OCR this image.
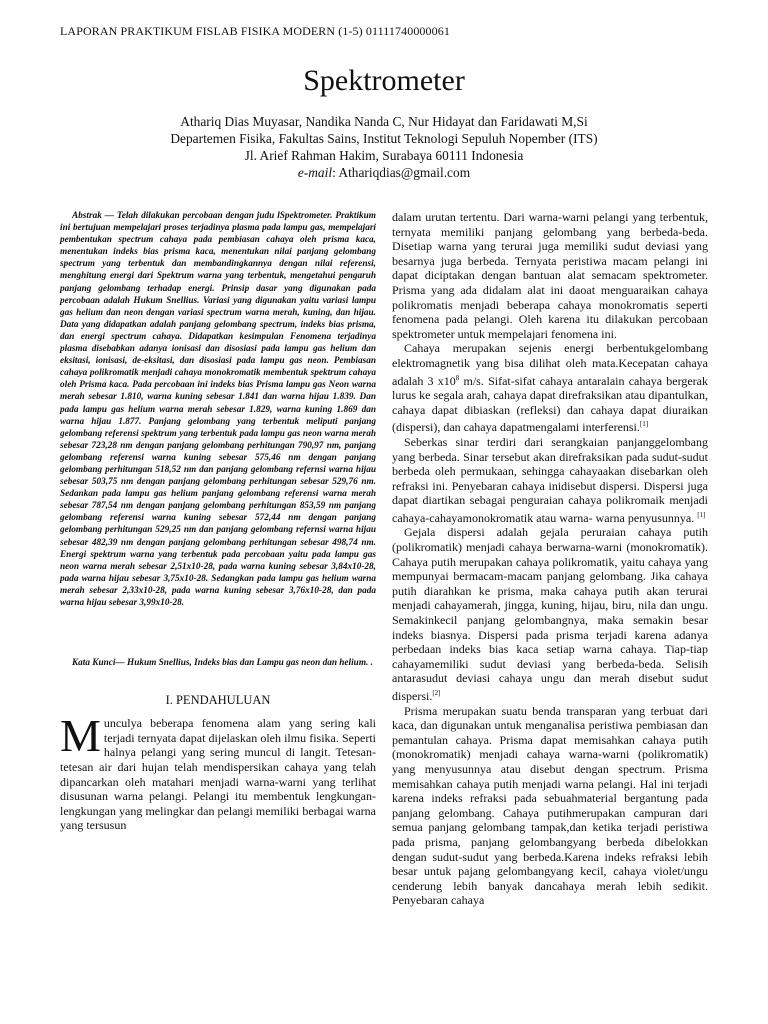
LAPORAN PRAKTIKUM FISLAB FISIKA MODERN (1-5) 01111740000061
Spektrometer
Athariq Dias Muyasar, Nandika Nanda C, Nur Hidayat dan Faridawati M,Si
Departemen Fisika, Fakultas Sains, Institut Teknologi Sepuluh Nopember (ITS)
Jl. Arief Rahman Hakim, Surabaya 60111 Indonesia
e-mail: Athariqdias@gmail.com

Abstrak — Telah dilakukan percobaan dengan judu lSpektrometer. Praktikum ini bertujuan mempelajari proses terjadinya plasma pada lampu gas, mempelajari pembentukan spectrum cahaya pada pembiasan cahaya oleh prisma kaca, menentukan indeks bias prisma kaca, menentukan nilai panjang gelombang spectrum yang terbentuk dan membandingkannya dengan nilai referensi, menghitung energi dari Spektrum warna yang terbentuk, mengetahui pengaruh panjang gelombang terhadap energi. Prinsip dasar yang digunakan pada percobaan adalah Hukum Snellius. Variasi yang digunakan yaitu variasi lampu gas helium dan neon dengan variasi spectrum warna merah, kuning, dan hijau. Data yang didapatkan adalah panjang gelombang spectrum, indeks bias prisma, dan energi spectrum cahaya. Didapatkan kesimpulan Fenomena terjadinya plasma disebabkan adanya ionisasi dan disosiasi pada lampu gas helium dan eksitasi, ionisasi, de-eksitasi, dan disosiasi pada lampu gas neon. Pembiasan cahaya polikromatik menjadi cahaya monokromatik membentuk spektrum cahaya oleh Prisma kaca. Pada percobaan ini indeks bias Prisma lampu gas Neon warna merah sebesar 1.810, warna kuning sebesar 1.841 dan warna hijau 1.839. Dan pada lampu gas helium warna merah sebesar 1.829, warna kuning 1.869 dan warna hijau 1.877. Panjang gelombang yang terbentuk meliputi panjang gelombang referensi spektrum yang terbentuk pada lampu gas neon warna merah sebesar 723,28 nm dengan panjang gelombang perhitungan 790,97 nm, panjang gelombang referensi warna kuning sebesar 575,46 nm dengan panjang gelombang perhitungan 518,52 nm dan panjang gelombang refernsi warna hijau sebesar 503,75 nm dengan panjang gelombang perhitungan sebesar 529,76 nm. Sedankan pada lampu gas helium panjang gelombang referensi warna merah sebesar 787,54 nm dengan panjang gelombang perhitungan 853,59 nm panjang gelombang referensi warna kuning sebesar 572,44 nm dengan panjang gelombang perhitungan 529,25 nm dan panjang gelombang refernsi warna hijau sebesar 482,39 nm dengan panjang gelombang perhitungan sebesar 498,74 nm. Energi spektrum warna yang terbentuk pada percobaan yaitu pada lampu gas neon warna merah sebesar 2,51x10-28, pada warna kuning sebesar 3,84x10-28, pada warna hijau sebesar 3,75x10-28. Sedangkan pada lampu gas helium warna merah sebesar 2,33x10-28, pada warna kuning sebesar 3,76x10-28, dan pada warna hijau sebesar 3,99x10-28.

Kata Kunci— Hukum Snellius, Indeks bias dan Lampu gas neon dan helium. .

I. PENDAHULUAN

Munculya beberapa fenomena alam yang sering kali terjadi ternyata dapat dijelaskan oleh ilmu fisika. Seperti halnya pelangi yang sering muncul di langit. Tetesan-tetesan air dari hujan telah mendispersikan cahaya yang telah dipancarkan oleh matahari menjadi warna-warni yang terlihat disusunan warna pelangi. Pelangi itu membentuk lengkungan-lengkungan yang melingkar dan pelangi memiliki berbagai warna yang tersusun

dalam urutan tertentu. Dari warna-warni pelangi yang terbentuk, ternyata memiliki panjang gelombang yang berbeda-beda. Disetiap warna yang terurai juga memiliki sudut deviasi yang besarnya juga berbeda. Ternyata peristiwa macam pelangi ini dapat diciptakan dengan bantuan alat semacam spektrometer. Prisma yang ada didalam alat ini daoat menguaraikan cahaya polikromatis menjadi beberapa cahaya monokromatis seperti fenomena pada pelangi. Oleh karena itu dilakukan percobaan spektrometer untuk mempelajari fenomena ini.

Cahaya merupakan sejenis energi berbentukgelombang elektromagnetik yang bisa dilihat oleh mata.Kecepatan cahaya adalah 3 $x10^8$ m/s. Sifat-sifat cahaya antaralain cahaya bergerak lurus ke segala arah, cahaya dapat direfraksikan atau dipantulkan, cahaya dapat dibiaskan (refleksi) dan cahaya dapat diuraikan (dispersi), dan cahaya dapatmengalami interferensi.[1]

Seberkas sinar terdiri dari serangkaian panjanggelombang yang berbeda. Sinar tersebut akan direfraksikan pada sudut-sudut berbeda oleh permukaan, sehingga cahayaakan disebarkan oleh refraksi ini. Penyebaran cahaya inidisebut dispersi. Dispersi juga dapat diartikan sebagai penguraian cahaya polikromaik menjadi cahaya-cahayamonokromatik atau warna- warna penyusunnya. [1]

Gejala dispersi adalah gejala peruraian cahaya putih (polikromatik) menjadi cahaya berwarna-warni (monokromatik). Cahaya putih merupakan cahaya polikromatik, yaitu cahaya yang mempunyai bermacam-macam panjang gelombang. Jika cahaya putih diarahkan ke prisma, maka cahaya putih akan terurai menjadi cahayamerah, jingga, kuning, hijau, biru, nila dan ungu. Semakinkecil panjang gelombangnya, maka semakin besar indeks biasnya. Dispersi pada prisma terjadi karena adanya perbedaan indeks bias kaca setiap warna cahaya. Tiap-tiap cahayamemiliki sudut deviasi yang berbeda-beda. Selisih antarasudut deviasi cahaya ungu dan merah disebut sudut dispersi.[2]

Prisma merupakan suatu benda transparan yang terbuat dari kaca, dan digunakan untuk menganalisa peristiwa pembiasan dan pemantulan cahaya. Prisma dapat memisahkan cahaya putih (monokromatik) menjadi cahaya warna-warni (polikromatik) yang menyusunnya atau disebut dengan spectrum. Prisma memisahkan cahaya putih menjadi warna pelangi. Hal ini terjadi karena indeks refraksi pada sebuahmaterial bergantung pada panjang gelombang. Cahaya putihmerupakan campuran dari semua panjang gelombang tampak,dan ketika terjadi peristiwa pada prisma, panjang gelombangyang berbeda dibelokkan dengan sudut-sudut yang berbeda.Karena indeks refraksi lebih besar untuk pajang gelombangyang kecil, cahaya violet/ungu cenderung lebih banyak dancahaya merah lebih sedikit. Penyebaran cahaya
